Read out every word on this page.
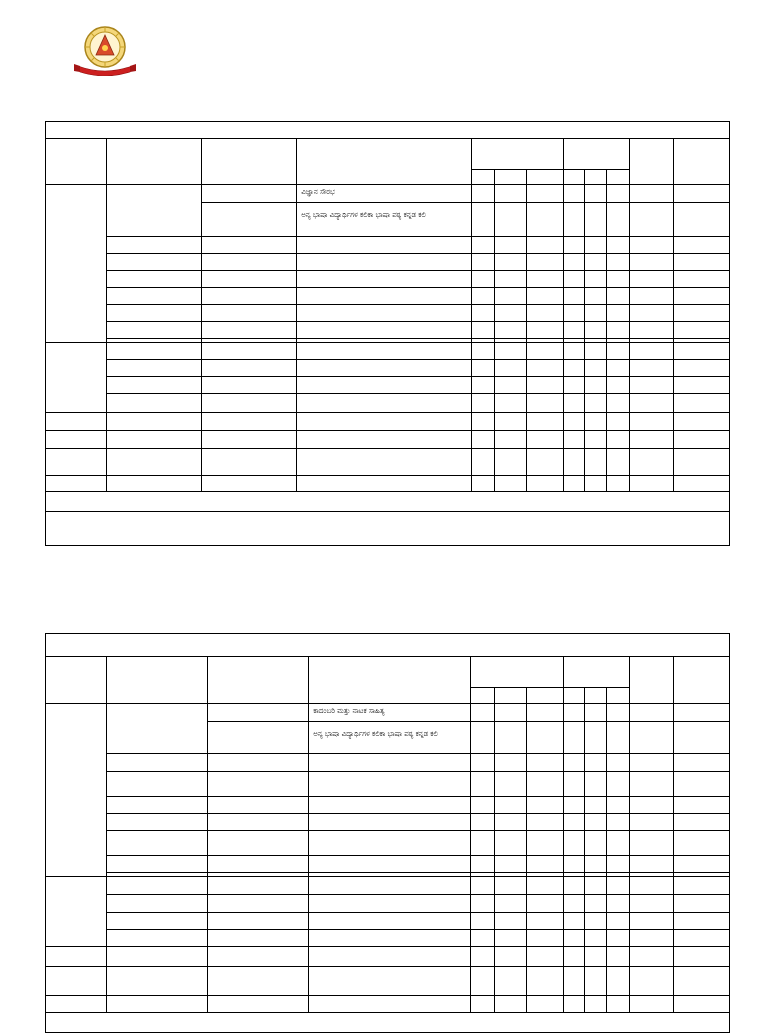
			ವಿಜ್ಞಾನ ಸೌರಭ								

			ಅನ್ಯ ಭಾಷಾ ವಿದ್ಯಾರ್ಥಿಗಳ ಕಲಿಕಾ ಭಾಷಾ ಪಠ್ಯ ಕನ್ನಡ ಕಲಿ								

			ಕಾದಂಬರಿ ಮತ್ತು ನಾಟಕ ಸಾಹಿತ್ಯ								

			ಅನ್ಯ ಭಾಷಾ ವಿದ್ಯಾರ್ಥಿಗಳ ಕಲಿಕಾ ಭಾಷಾ ಪಠ್ಯ ಕನ್ನಡ ಕಲಿ								
